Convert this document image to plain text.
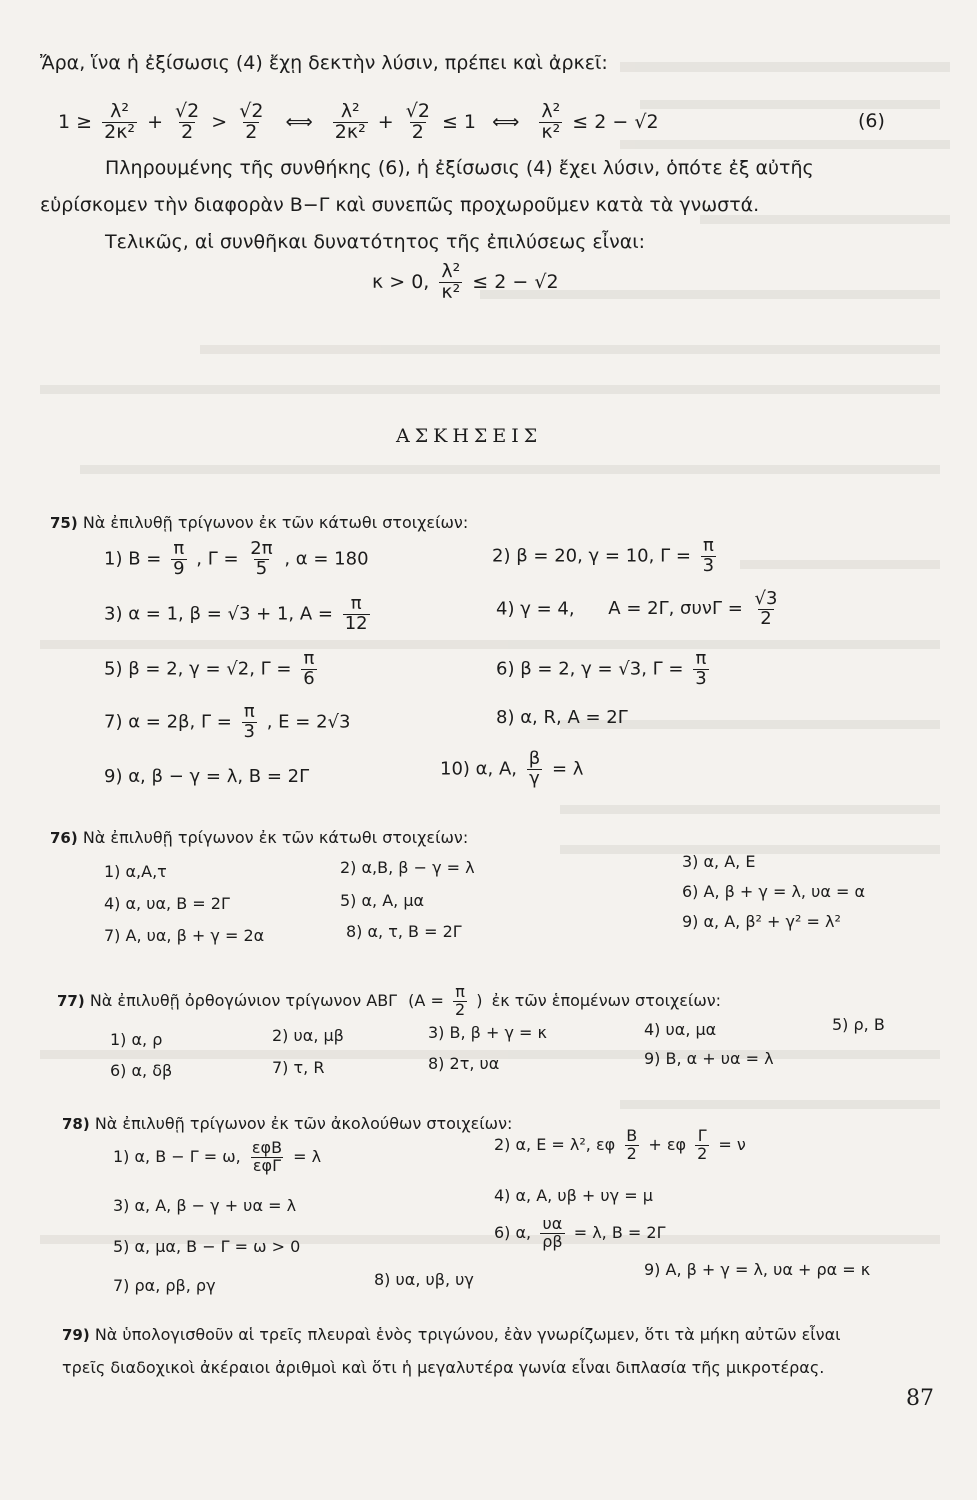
Ἄρα, ἵνα ἡ ἐξίσωσις (4) ἔχῃ δεκτὴν λύσιν, πρέπει καὶ ἀρκεῖ:
$1 \ge \frac{\text{λ²}}{\text{2κ²}} + \frac{√2}{2} > \frac{√2}{2}$ ⟺ $\frac{\text{λ²}}{\text{2κ²}} + \frac{√2}{2} \le 1$ ⟺ $\frac{\text{λ²}}{\text{κ²}} \le 2 - √2$	(6)
Πληρουμένης τῆς συνθήκης (6), ἡ ἐξίσωσις (4) ἔχει λύσιν, ὁπότε ἐξ αὐτῆς
εὑρίσκομεν τὴν διαφορὰν Β−Γ καὶ συνεπῶς προχωροῦμεν κατὰ τὰ γνωστά.
Τελικῶς, αἱ συνθῆκαι δυνατότητος τῆς ἐπιλύσεως εἶναι:
κ > 0, $\frac{\text{λ²}}{\text{κ²}} \le 2 - √2$
ΑΣΚΗΣΕΙΣ
75) Νὰ ἐπιλυθῇ τρίγωνον ἐκ τῶν κάτωθι στοιχείων:
1) $B = \frac{\pi}{9}$ , $\Gamma = \frac{2\pi}{5}$ , α = 180	2) β = 20, γ = 10, $\Gamma = \frac{\pi}{3}$
3) α = 1, β = √3 + 1, $A = \frac{\pi}{12}$	4) γ = 4, Α = 2Γ, $\sigma\upsilon\nu\Gamma = \frac{√3}{2}$
5) β = 2, γ = √2, $\Gamma = \frac{\pi}{6}$	6) β = 2, γ = √3, $\Gamma = \frac{\pi}{3}$
7) α = 2β, $\Gamma = \frac{\pi}{3}$ , Ε = 2√3	8) α, R, Α = 2Γ
9) α, β − γ = λ, Β = 2Γ	10) α, Α, $\frac{\beta}{\gamma} = \lambda$
76) Νὰ ἐπιλυθῇ τρίγωνον ἐκ τῶν κάτωθι στοιχείων:
1) α,Α,τ	2) α,Β, β − γ = λ	3) α, Α, Ε
4) α, υα, Β = 2Γ	5) α, Α, μα	6) Α, β + γ = λ, υα = α
7) Α, υα, β + γ = 2α	8) α, τ, Β = 2Γ
9) α, Α, β² + γ² = λ²
77) Νὰ ἐπιλυθῇ ὀρθογώνιον τρίγωνον ΑΒΓ ($A = \frac{\pi}{2}$ ) ἐκ τῶν ἑπομένων στοιχείων:
1) α, ρ	2) υα, μβ	3) Β, β + γ = κ	4) υα, μα	5) ρ, Β
6) α, δβ	7) τ, R	8) 2τ, υα	9) Β, α + υα = λ
78) Νὰ ἐπιλυθῇ τρίγωνον ἐκ τῶν ἀκολούθων στοιχείων:
1) α, Β − Γ = ω, $\frac{\text{εφΒ}}{\text{εφΓ}} = \lambda$
2) α, Ε = λ², εφ $\frac{B}{2} + \varepsilon\varphi \frac{\Gamma}{2} = \nu$
3) α, Α, β − γ + υα = λ
4) α, Α, υβ + υγ = μ
5) α, μα, Β − Γ = ω > 0
6) α, $\frac{\upsilon\alpha}{\rho\beta} = \lambda$, Β = 2Γ
7) ρα, ρβ, ργ	8) υα, υβ, υγ
9) Α, β + γ = λ, υα + ρα = κ
79) Νὰ ὑπολογισθοῦν αἱ τρεῖς πλευραὶ ἑνὸς τριγώνου, ἐὰν γνωρίζωμεν, ὅτι τὰ μήκη αὐτῶν εἶναι
τρεῖς διαδοχικοὶ ἀκέραιοι ἀριθμοὶ καὶ ὅτι ἡ μεγαλυτέρα γωνία εἶναι διπλασία τῆς μικροτέρας.
87
